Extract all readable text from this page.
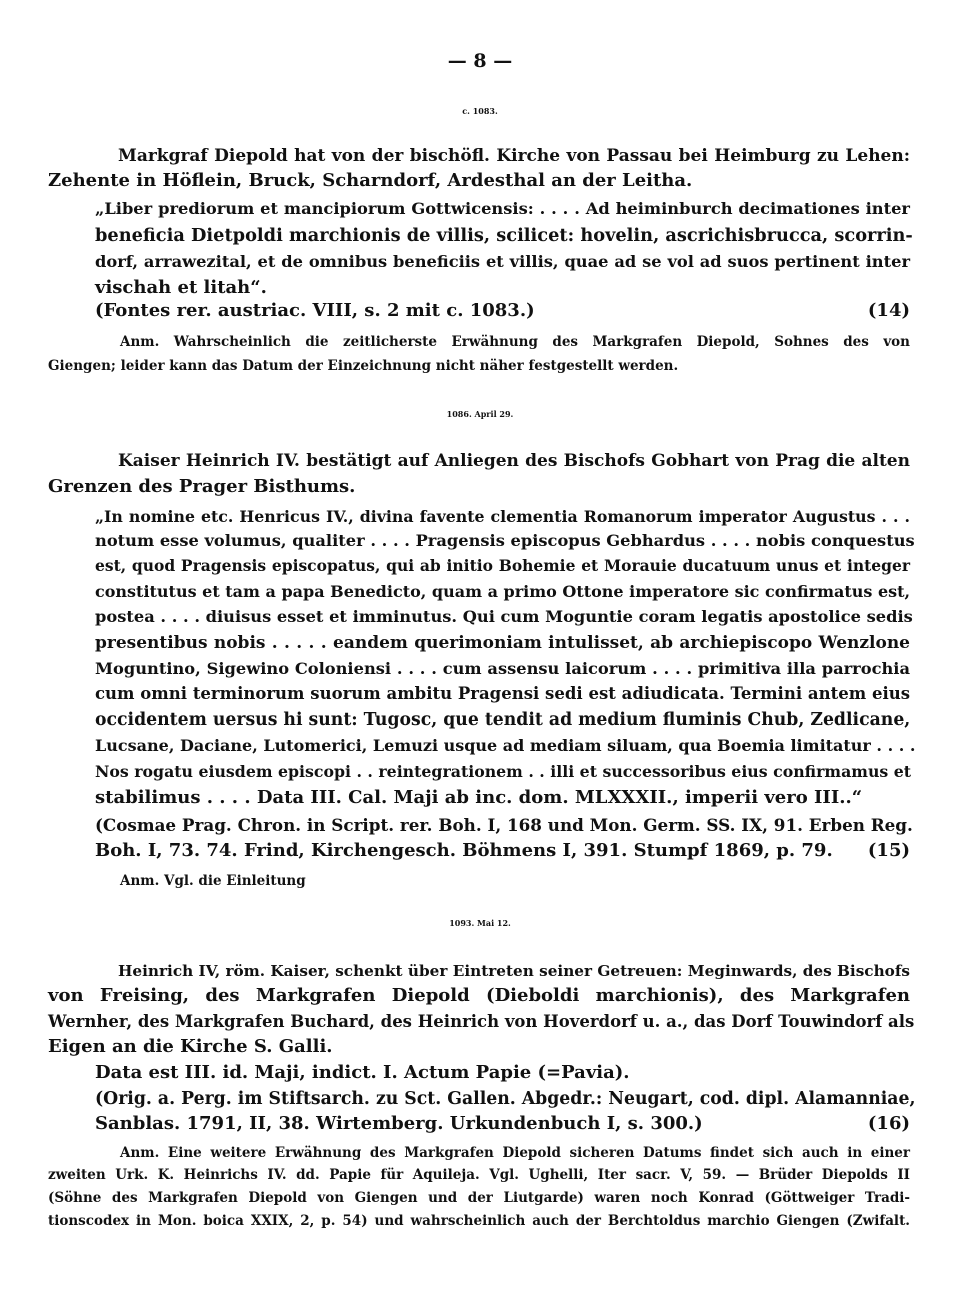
— 8 —
c. 1083.
Markgraf Diepold hat von der bischöfl. Kirche von Passau bei Heimburg zu Lehen:
Zehente in Höflein, Bruck, Scharndorf, Ardesthal an der Leitha.
„Liber prediorum et mancipiorum Gottwicensis: . . . . Ad heiminburch decimationes inter
beneficia Dietpoldi marchionis de villis, scilicet: hovelin, ascrichisbrucca, scorrin-
dorf, arrawezital, et de omnibus beneficiis et villis, quae ad se vol ad suos pertinent inter
vischah et litah“.
(Fontes rer. austriac. VIII, s. 2 mit c. 1083.)	(14)
Anm. Wahrscheinlich die zeitlicherste Erwähnung des Markgrafen Diepold, Sohnes des von
Giengen; leider kann das Datum der Einzeichnung nicht näher festgestellt werden.
1086. April 29.
Kaiser Heinrich IV. bestätigt auf Anliegen des Bischofs Gobhart von Prag die alten
Grenzen des Prager Bisthums.
„In nomine etc. Henricus IV., divina favente clementia Romanorum imperator Augustus . . .
notum esse volumus, qualiter . . . . Pragensis episcopus Gebhardus . . . . nobis conquestus
est, quod Pragensis episcopatus, qui ab initio Bohemie et Morauie ducatuum unus et integer
constitutus et tam a papa Benedicto, quam a primo Ottone imperatore sic confirmatus est,
postea . . . . diuisus esset et imminutus. Qui cum Moguntie coram legatis apostolice sedis
presentibus nobis . . . . . eandem querimoniam intulisset, ab archiepiscopo Wenzlone
Moguntino, Sigewino Coloniensi . . . . cum assensu laicorum . . . . primitiva illa parrochia
cum omni terminorum suorum ambitu Pragensi sedi est adiudicata. Termini antem eius
occidentem uersus hi sunt: Tugosc, que tendit ad medium fluminis Chub, Zedlicane,
Lucsane, Daciane, Lutomerici, Lemuzi usque ad mediam siluam, qua Boemia limitatur . . . .
Nos rogatu eiusdem episcopi . . reintegrationem . . illi et successoribus eius confirmamus et
stabilimus . . . . Data III. Cal. Maji ab inc. dom. MLXXXII., imperii vero III..“
(Cosmae Prag. Chron. in Script. rer. Boh. I, 168 und Mon. Germ. SS. IX, 91. Erben Reg.
Boh. I, 73. 74. Frind, Kirchengesch. Böhmens I, 391. Stumpf 1869, p. 79. (15)
Anm. Vgl. die Einleitung
1093. Mai 12.
Heinrich IV, röm. Kaiser, schenkt über Eintreten seiner Getreuen: Meginwards, des Bischofs
von Freising, des Markgrafen Diepold (Dieboldi marchionis), des Markgrafen
Wernher, des Markgrafen Buchard, des Heinrich von Hoverdorf u. a., das Dorf Touwindorf als
Eigen an die Kirche S. Galli.
Data est III. id. Maji, indict. I. Actum Papie (=Pavia).
(Orig. a. Perg. im Stiftsarch. zu Sct. Gallen. Abgedr.: Neugart, cod. dipl. Alamanniae,
Sanblas. 1791, II, 38. Wirtemberg. Urkundenbuch I, s. 300.)	(16)
Anm. Eine weitere Erwähnung des Markgrafen Diepold sicheren Datums findet sich auch in einer
zweiten Urk. K. Heinrichs IV. dd. Papie für Aquileja. Vgl. Ughelli, Iter sacr. V, 59. — Brüder Diepolds II
(Söhne des Markgrafen Diepold von Giengen und der Liutgarde) waren noch Konrad (Göttweiger Tradi-
tionscodex in Mon. boica XXIX, 2, p. 54) und wahrscheinlich auch der Berchtoldus marchio Giengen (Zwifalt.
